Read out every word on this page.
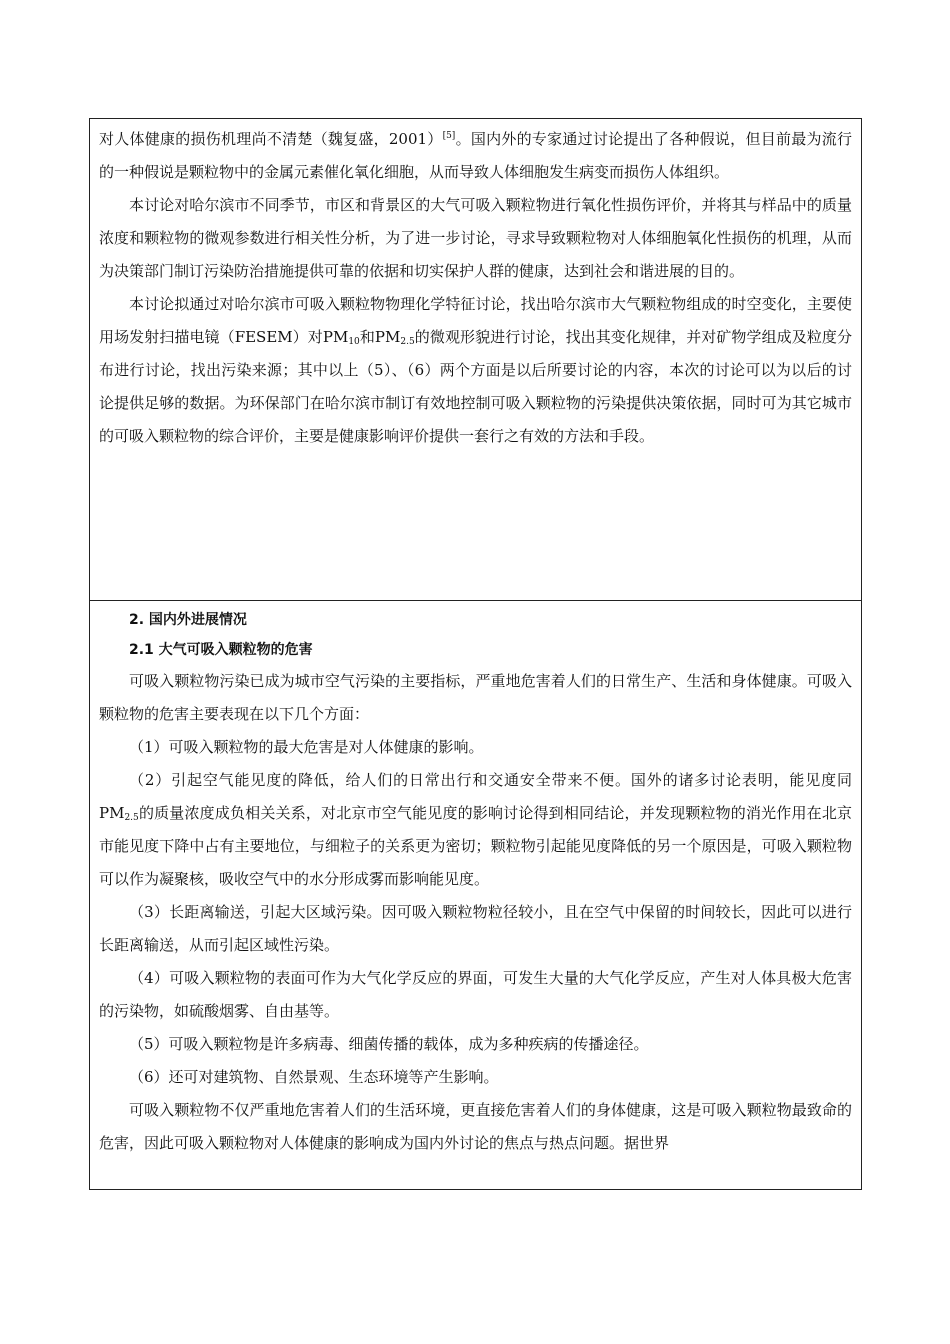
对人体健康的损伤机理尚不清楚（魏复盛，2001）[5]。国内外的专家通过讨论提出了各种假说，但目前最为流行的一种假说是颗粒物中的金属元素催化氧化细胞，从而导致人体细胞发生病变而损伤人体组织。

本讨论对哈尔滨市不同季节，市区和背景区的大气可吸入颗粒物进行氧化性损伤评价，并将其与样品中的质量浓度和颗粒物的微观参数进行相关性分析，为了进一步讨论，寻求导致颗粒物对人体细胞氧化性损伤的机理，从而为决策部门制订污染防治措施提供可靠的依据和切实保护人群的健康，达到社会和谐进展的目的。

本讨论拟通过对哈尔滨市可吸入颗粒物物理化学特征讨论，找出哈尔滨市大气颗粒物组成的时空变化，主要使用场发射扫描电镜（FESEM）对$PM_{10}$和$PM_{2.5}$的微观形貌进行讨论，找出其变化规律，并对矿物学组成及粒度分布进行讨论，找出污染来源；其中以上（5）、（6）两个方面是以后所要讨论的内容，本次的讨论可以为以后的讨论提供足够的数据。为环保部门在哈尔滨市制订有效地控制可吸入颗粒物的污染提供决策依据，同时可为其它城市的可吸入颗粒物的综合评价，主要是健康影响评价提供一套行之有效的方法和手段。

2. 国内外进展情况

2.1 大气可吸入颗粒物的危害

可吸入颗粒物污染已成为城市空气污染的主要指标，严重地危害着人们的日常生产、生活和身体健康。可吸入颗粒物的危害主要表现在以下几个方面：

（1）可吸入颗粒物的最大危害是对人体健康的影响。

（2）引起空气能见度的降低，给人们的日常出行和交通安全带来不便。国外的诸多讨论表明，能见度同$PM_{2.5}$的质量浓度成负相关关系，对北京市空气能见度的影响讨论得到相同结论，并发现颗粒物的消光作用在北京市能见度下降中占有主要地位，与细粒子的关系更为密切；颗粒物引起能见度降低的另一个原因是，可吸入颗粒物可以作为凝聚核，吸收空气中的水分形成雾而影响能见度。

（3）长距离输送，引起大区域污染。因可吸入颗粒物粒径较小，且在空气中保留的时间较长，因此可以进行长距离输送，从而引起区域性污染。

（4）可吸入颗粒物的表面可作为大气化学反应的界面，可发生大量的大气化学反应，产生对人体具极大危害的污染物，如硫酸烟雾、自由基等。

（5）可吸入颗粒物是许多病毒、细菌传播的载体，成为多种疾病的传播途径。

（6）还可对建筑物、自然景观、生态环境等产生影响。

可吸入颗粒物不仅严重地危害着人们的生活环境，更直接危害着人们的身体健康，这是可吸入颗粒物最致命的危害，因此可吸入颗粒物对人体健康的影响成为国内外讨论的焦点与热点问题。据世界
